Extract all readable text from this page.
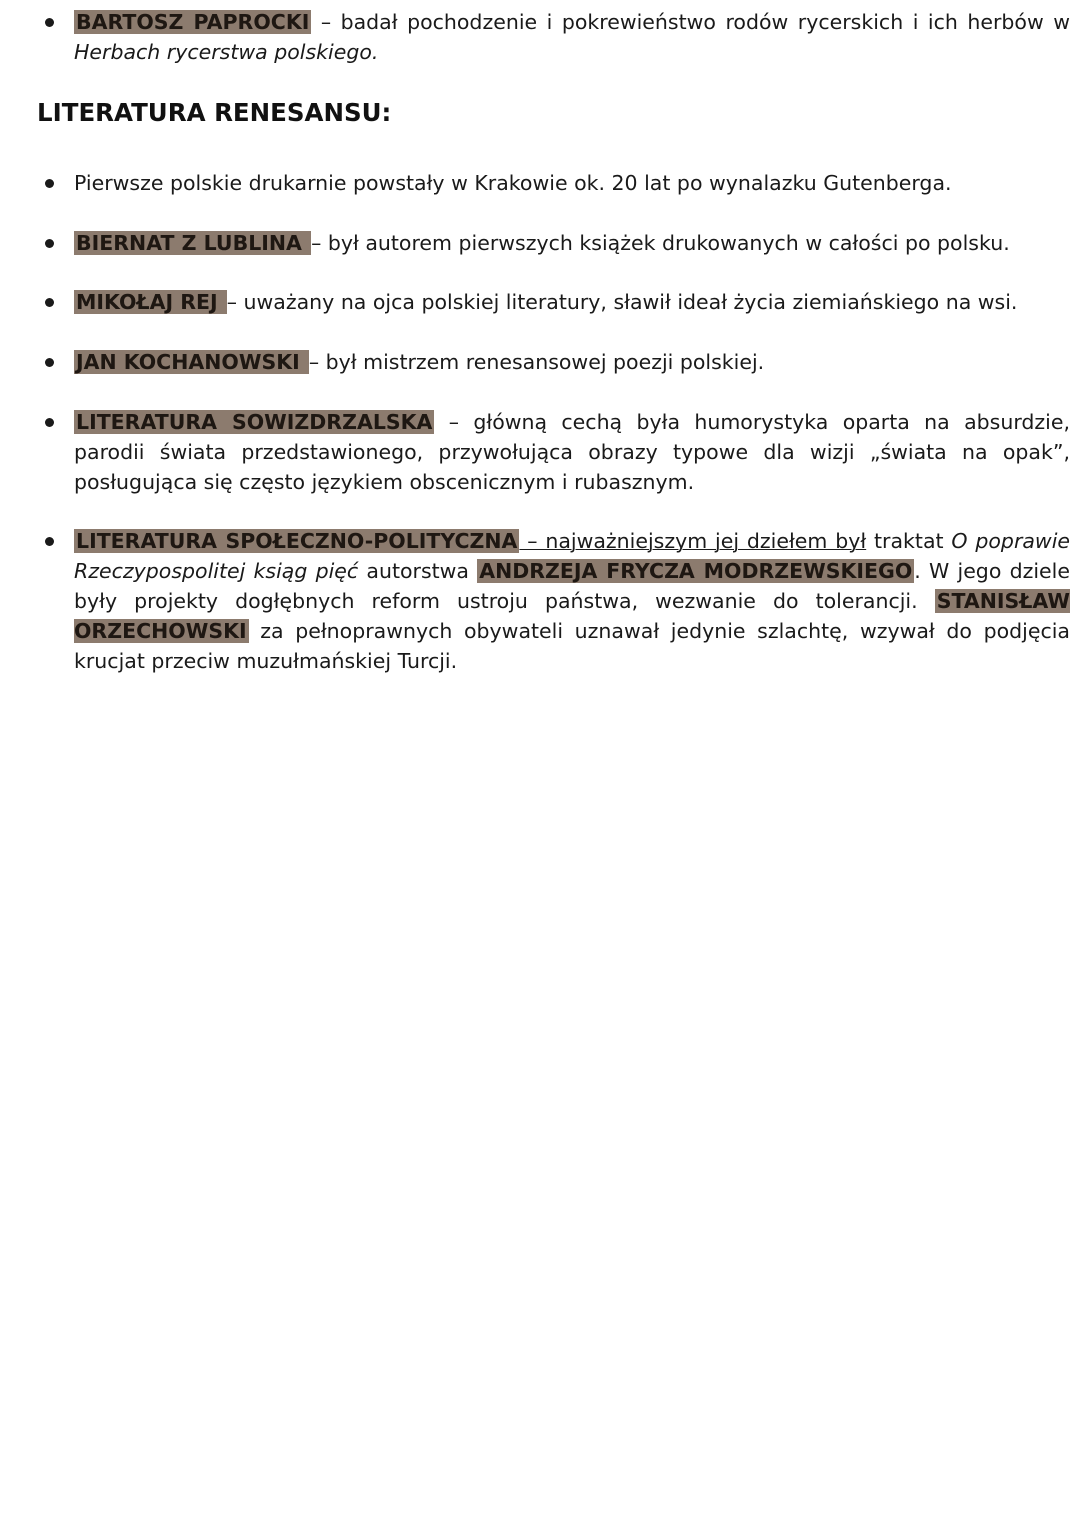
BARTOSZ PAPROCKI – badał pochodzenie i pokrewieństwo rodów rycerskich i ich herbów w Herbach rycerstwa polskiego.
LITERATURA RENESANSU:
Pierwsze polskie drukarnie powstały w Krakowie ok. 20 lat po wynalazku Gutenberga.
BIERNAT Z LUBLINA – był autorem pierwszych książek drukowanych w całości po polsku.
MIKOŁAJ REJ – uważany na ojca polskiej literatury, sławił ideał życia ziemiańskiego na wsi.
JAN KOCHANOWSKI – był mistrzem renesansowej poezji polskiej.
LITERATURA SOWIZDRZALSKA – główną cechą była humorystyka oparta na absurdzie, parodii świata przedstawionego, przywołująca obrazy typowe dla wizji „świata na opak”, posługująca się często językiem obscenicznym i rubasznym.
LITERATURA SPOŁECZNO-POLITYCZNA – najważniejszym jej dziełem był traktat O poprawie Rzeczypospolitej ksiąg pięć autorstwa ANDRZEJA FRYCZA MODRZEWSKIEGO. W jego dziele były projekty dogłębnych reform ustroju państwa, wezwanie do tolerancji. STANISŁAW ORZECHOWSKI za pełnoprawnych obywateli uznawał jedynie szlachtę, wzywał do podjęcia krucjat przeciw muzułmańskiej Turcji.
